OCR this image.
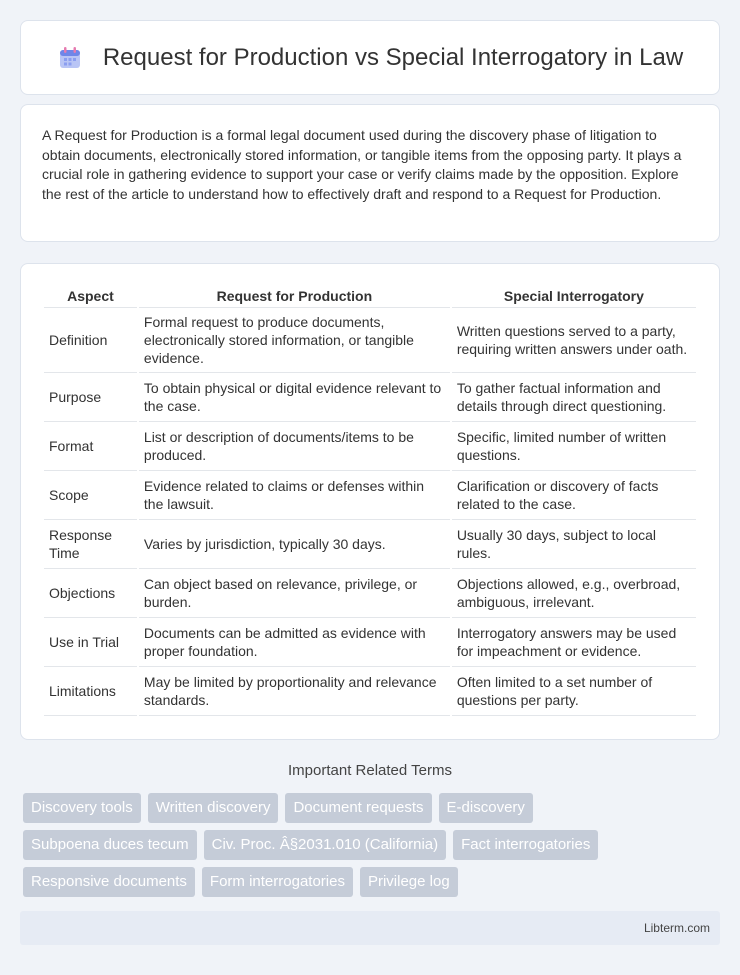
Request for Production vs Special Interrogatory in Law

A Request for Production is a formal legal document used during the discovery phase of litigation to obtain documents, electronically stored information, or tangible items from the opposing party. It plays a crucial role in gathering evidence to support your case or verify claims made by the opposition. Explore the rest of the article to understand how to effectively draft and respond to a Request for Production.

Aspect	Request for Production	Special Interrogatory
Definition	Formal request to produce documents, electronically stored information, or tangible evidence.	Written questions served to a party, requiring written answers under oath.
Purpose	To obtain physical or digital evidence relevant to the case.	To gather factual information and details through direct questioning.
Format	List or description of documents/items to be produced.	Specific, limited number of written questions.
Scope	Evidence related to claims or defenses within the lawsuit.	Clarification or discovery of facts related to the case.
Response Time	Varies by jurisdiction, typically 30 days.	Usually 30 days, subject to local rules.
Objections	Can object based on relevance, privilege, or burden.	Objections allowed, e.g., overbroad, ambiguous, irrelevant.
Use in Trial	Documents can be admitted as evidence with proper foundation.	Interrogatory answers may be used for impeachment or evidence.
Limitations	May be limited by proportionality and relevance standards.	Often limited to a set number of questions per party.
Important Related Terms
Discovery tools	Written discovery	Document requests	E-discovery
Subpoena duces tecum	Civ. Proc. Â§2031.010 (California)	Fact interrogatories
Responsive documents	Form interrogatories	Privilege log
Libterm.com
